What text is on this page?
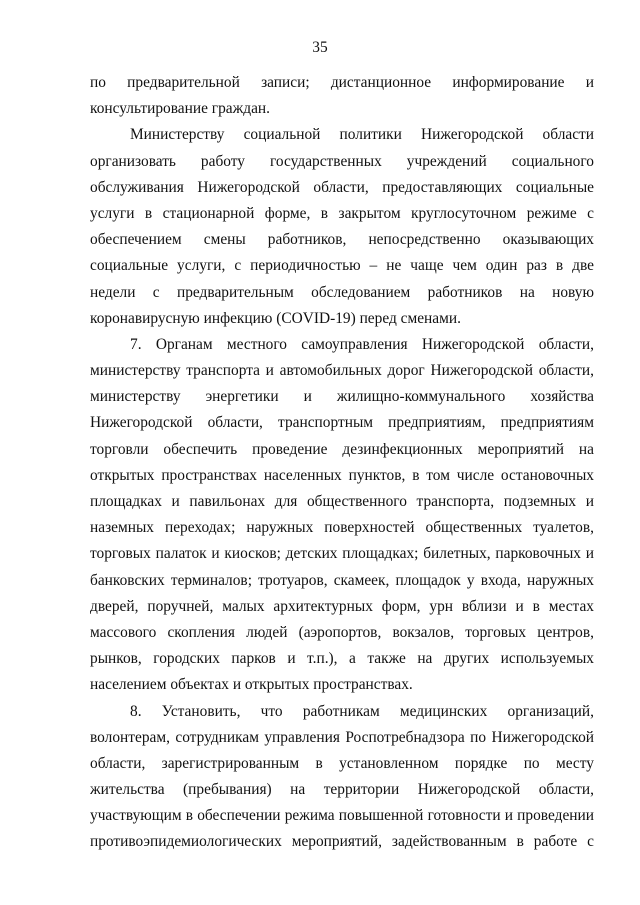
35
по предварительной записи; дистанционное информирование и
консультирование граждан.
Министерству социальной политики Нижегородской области
организовать работу государственных учреждений социального
обслуживания Нижегородской области, предоставляющих социальные
услуги в стационарной форме, в закрытом круглосуточном режиме с
обеспечением смены работников, непосредственно оказывающих
социальные услуги, с периодичностью – не чаще чем один раз в две
недели с предварительным обследованием работников на новую
коронавирусную инфекцию (COVID-19) перед сменами.
7. Органам местного самоуправления Нижегородской области,
министерству транспорта и автомобильных дорог Нижегородской области,
министерству энергетики и жилищно-коммунального хозяйства
Нижегородской области, транспортным предприятиям, предприятиям
торговли обеспечить проведение дезинфекционных мероприятий на
открытых пространствах населенных пунктов, в том числе остановочных
площадках и павильонах для общественного транспорта, подземных и
наземных переходах; наружных поверхностей общественных туалетов,
торговых палаток и киосков; детских площадках; билетных, парковочных и
банковских терминалов; тротуаров, скамеек, площадок у входа, наружных
дверей, поручней, малых архитектурных форм, урн вблизи и в местах
массового скопления людей (аэропортов, вокзалов, торговых центров,
рынков, городских парков и т.п.), а также на других используемых
населением объектах и открытых пространствах.
8. Установить, что работникам медицинских организаций,
волонтерам, сотрудникам управления Роспотребнадзора по Нижегородской
области, зарегистрированным в установленном порядке по месту
жительства (пребывания) на территории Нижегородской области,
участвующим в обеспечении режима повышенной готовности и проведении
противоэпидемиологических мероприятий, задействованным в работе с
